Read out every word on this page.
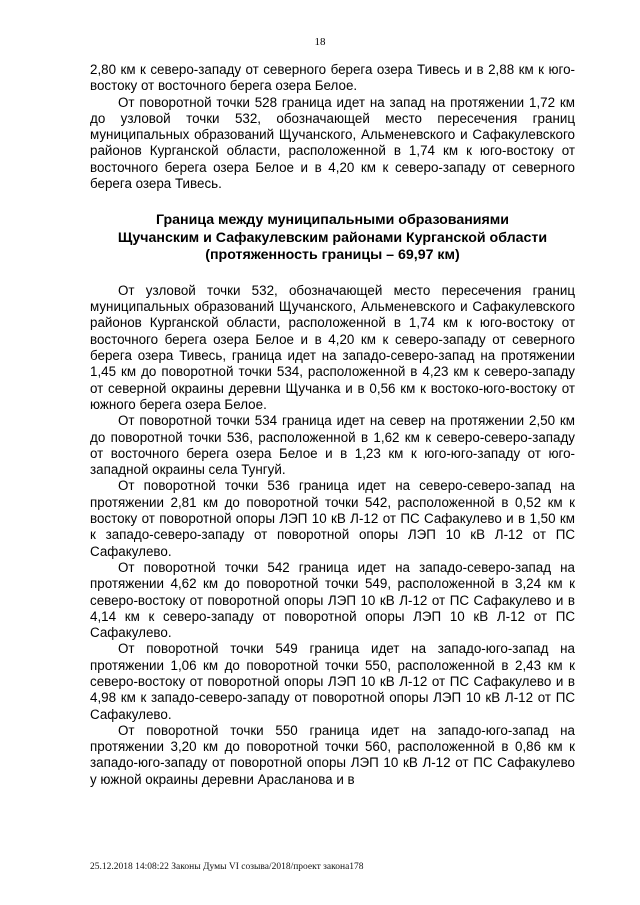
18

2,80 км к северо-западу от северного берега озера Тивесь и в 2,88 км к юго-востоку от восточного берега озера Белое.

От поворотной точки 528 граница идет на запад на протяжении 1,72 км до узловой точки 532, обозначающей место пересечения границ муниципальных образований Щучанского, Альменевского и Сафакулевского районов Курганской области, расположенной в 1,74 км к юго-востоку от восточного берега озера Белое и в 4,20 км к северо-западу от северного берега озера Тивесь.

Граница между муниципальными образованиями
Щучанским и Сафакулевским районами Курганской области
(протяженность границы – 69,97 км)

От узловой точки 532, обозначающей место пересечения границ муниципальных образований Щучанского, Альменевского и Сафакулевского районов Курганской области, расположенной в 1,74 км к юго-востоку от восточного берега озера Белое и в 4,20 км к северо-западу от северного берега озера Тивесь, граница идет на западо-северо-запад на протяжении 1,45 км до поворотной точки 534, расположенной в 4,23 км к северо-западу от северной окраины деревни Щучанка и в 0,56 км к востоко-юго-востоку от южного берега озера Белое.

От поворотной точки 534 граница идет на север на протяжении 2,50 км до поворотной точки 536, расположенной в 1,62 км к северо-северо-западу от восточного берега озера Белое и в 1,23 км к юго-юго-западу от юго-западной окраины села Тунгуй.

От поворотной точки 536 граница идет на северо-северо-запад на протяжении 2,81 км до поворотной точки 542, расположенной в 0,52 км к востоку от поворотной опоры ЛЭП 10 кВ Л-12 от ПС Сафакулево и в 1,50 км к западо-северо-западу от поворотной опоры ЛЭП 10 кВ Л-12 от ПС Сафакулево.

От поворотной точки 542 граница идет на западо-северо-запад на протяжении 4,62 км до поворотной точки 549, расположенной в 3,24 км к северо-востоку от поворотной опоры ЛЭП 10 кВ Л-12 от ПС Сафакулево и в 4,14 км к северо-западу от поворотной опоры ЛЭП 10 кВ Л-12 от ПС Сафакулево.

От поворотной точки 549 граница идет на западо-юго-запад на протяжении 1,06 км до поворотной точки 550, расположенной в 2,43 км к северо-востоку от поворотной опоры ЛЭП 10 кВ Л-12 от ПС Сафакулево и в 4,98 км к западо-северо-западу от поворотной опоры ЛЭП 10 кВ Л-12 от ПС Сафакулево.

От поворотной точки 550 граница идет на западо-юго-запад на протяжении 3,20 км до поворотной точки 560, расположенной в 0,86 км к западо-юго-западу от поворотной опоры ЛЭП 10 кВ Л-12 от ПС Сафакулево у южной окраины деревни Арасланова и в

25.12.2018 14:08:22 Законы Думы VI созыва/2018/проект закона178
